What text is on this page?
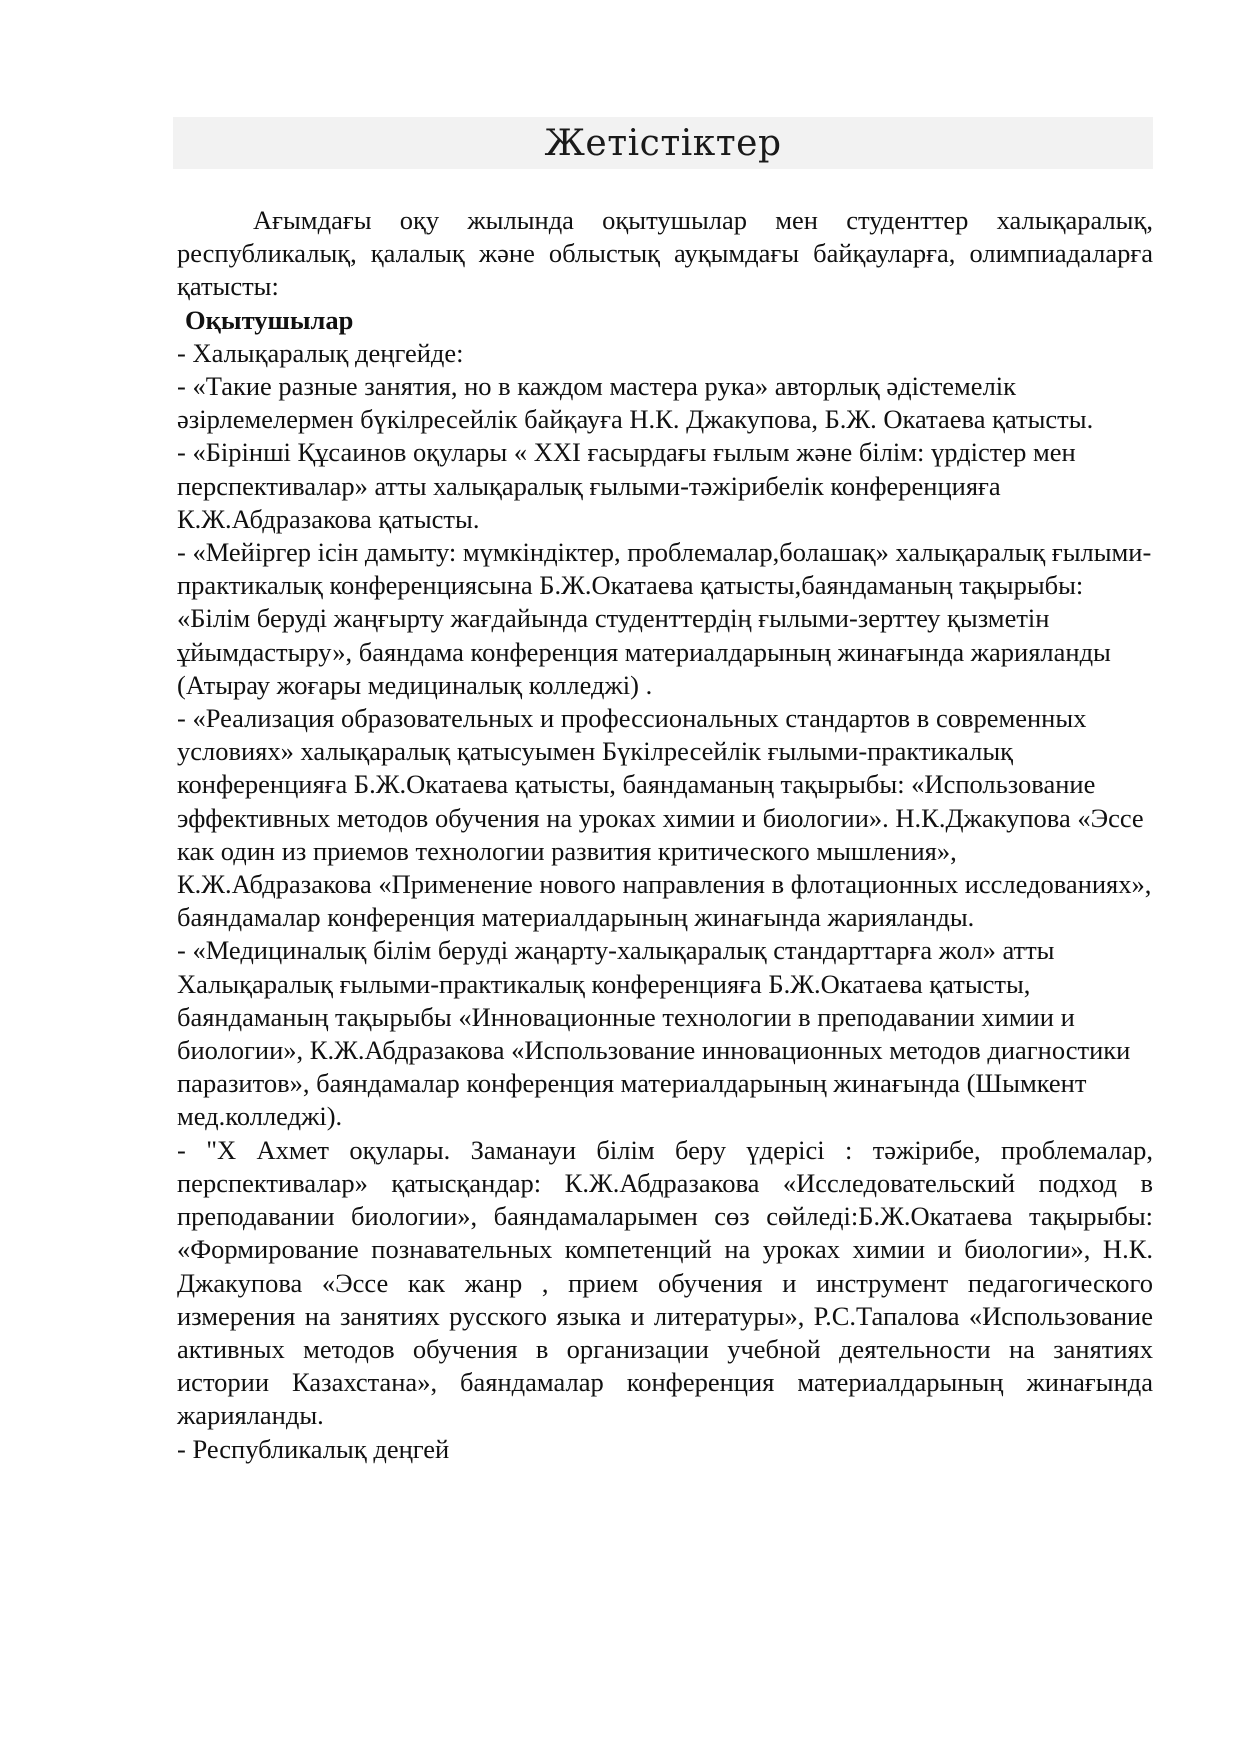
Жетістіктер

Ағымдағы оқу жылында оқытушылар мен студенттер халықаралық, республикалық, қалалық және облыстық ауқымдағы байқауларға, олимпиадаларға қатысты:

Оқытушылар

- Халықаралық деңгейде:

- «Такие разные занятия, но в каждом мастера рука» авторлық әдістемелік әзірлемелермен бүкілресейлік байқауға Н.К. Джакупова, Б.Ж. Окатаева қатысты.

- «Бірінші Құсаинов оқулары « XXI ғасырдағы ғылым және білім: үрдістер мен перспективалар» атты халықаралық ғылыми-тәжірибелік конференцияға К.Ж.Абдразакова қатысты.

- «Мейіргер ісін дамыту: мүмкіндіктер, проблемалар,болашақ» халықаралық ғылыми-практикалық конференциясына Б.Ж.Окатаева қатысты,баяндаманың тақырыбы: «Білім беруді жаңғырту жағдайында студенттердің ғылыми-зерттеу қызметін ұйымдастыру», баяндама конференция материалдарының жинағында жарияланды (Атырау жоғары медициналық колледжі) .

- «Реализация образовательных и профессиональных стандартов в современных условиях» халықаралық қатысуымен Бүкілресейлік ғылыми-практикалық конференцияға Б.Ж.Окатаева қатысты, баяндаманың тақырыбы: «Использование эффективных методов обучения на уроках химии и биологии». Н.К.Джакупова «Эссе как один из приемов технологии развития критического мышления», К.Ж.Абдразакова «Применение нового направления в флотационных исследованиях», баяндамалар конференция материалдарының жинағында жарияланды.

- «Медициналық білім беруді жаңарту-халықаралық стандарттарға жол» атты Халықаралық ғылыми-практикалық конференцияға Б.Ж.Окатаева қатысты, баяндаманың тақырыбы «Инновационные технологии в преподавании химии и биологии», К.Ж.Абдразакова «Использование инновационных методов диагностики паразитов», баяндамалар конференция материалдарының жинағында (Шымкент мед.колледжі).

- "Х Ахмет оқулары. Заманауи білім беру үдерісі : тәжірибе, проблемалар, перспективалар» қатысқандар: К.Ж.Абдразакова «Исследовательский подход в преподавании биологии», баяндамаларымен сөз сөйледі:Б.Ж.Окатаева тақырыбы: «Формирование познавательных компетенций на уроках химии и биологии», Н.К. Джакупова «Эссе как жанр , прием обучения и инструмент педагогического измерения на занятиях русского языка и литературы», Р.С.Тапалова «Использование активных методов обучения в организации учебной деятельности на занятиях истории Казахстана», баяндамалар конференция материалдарының жинағында жарияланды.

- Республикалық деңгей
